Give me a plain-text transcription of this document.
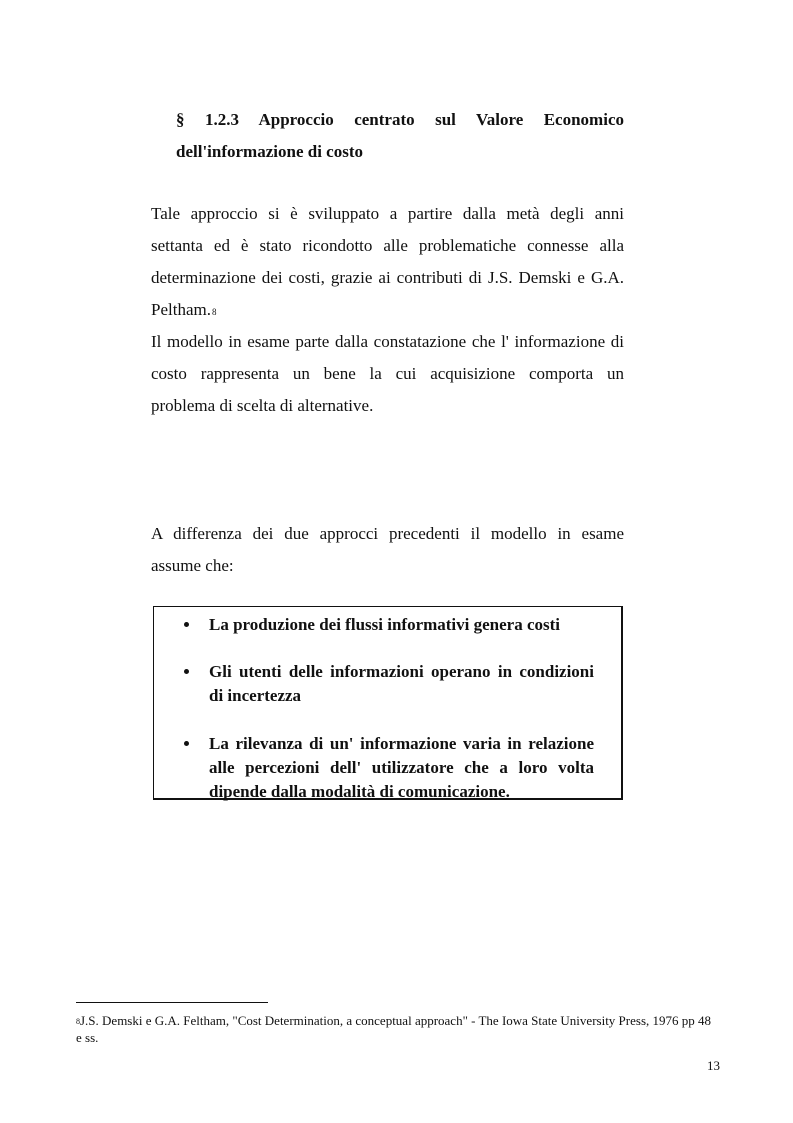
§ 1.2.3 Approccio centrato sul Valore Economico
dell'informazione di costo

Tale approccio si è sviluppato a partire dalla metà degli anni
settanta ed è stato ricondotto alle problematiche connesse alla
determinazione dei costi, grazie ai contributi di J.S. Demski e G.A.
Peltham.$^8$

Il modello in esame parte dalla constatazione che l' informazione di
costo rappresenta un bene la cui acquisizione comporta un
problema di scelta di alternative.

A differenza dei due approcci precedenti il modello in esame
assume che:

La produzione dei flussi informativi genera costi
Gli utenti delle informazioni operano in condizioni
di incertezza
La rilevanza di un' informazione varia in relazione
alle percezioni dell' utilizzatore che a loro volta
dipende dalla modalità di comunicazione.
$^8$J.S. Demski e G.A. Feltham, "Cost Determination, a conceptual approach" - The Iowa State University Press, 1976 pp 48 e ss.
13
